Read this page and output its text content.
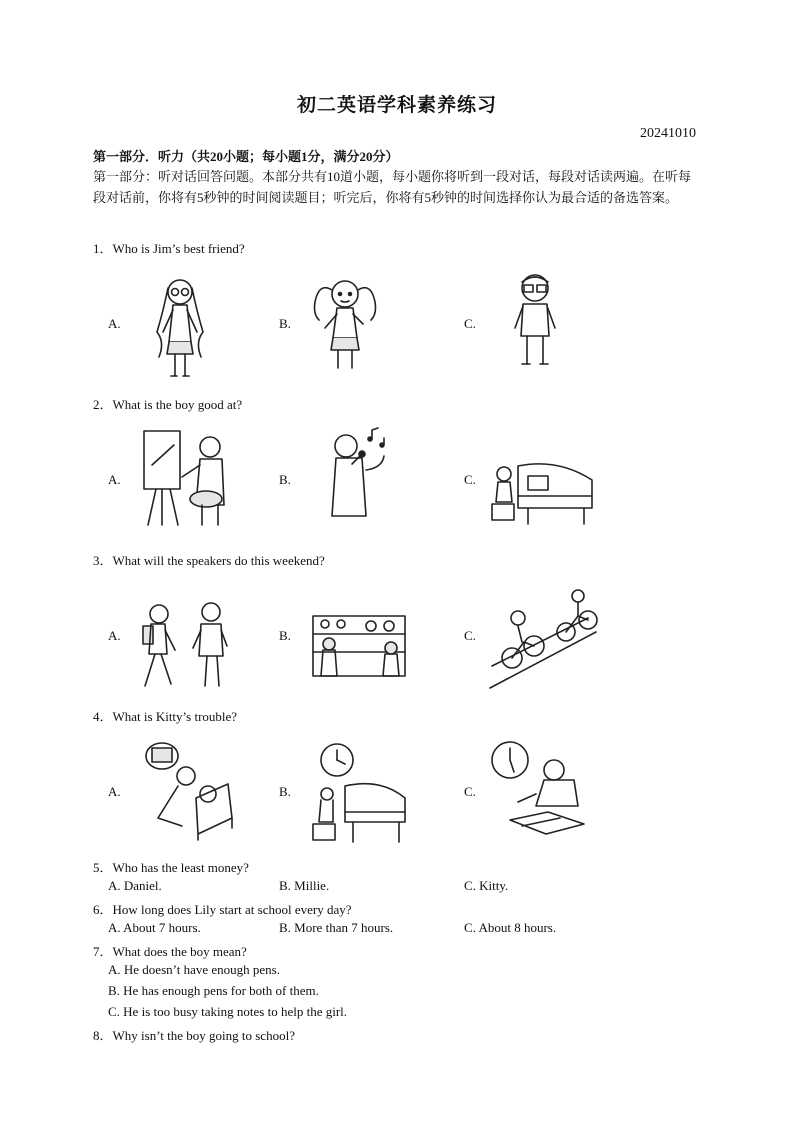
初二英语学科素养练习
20241010
第一部分．听力（共20小题；每小题1分，满分20分）
第一部分：听对话回答问题。本部分共有10道小题，每小题你将听到一段对话，每段对话读两遍。在听每段对话前，你将有5秒钟的时间阅读题目；听完后，你将有5秒钟的时间选择你认为最合适的备选答案。
1．Who is Jim’s best friend?
A.	B.	C.
2．What is the boy good at?
A.	B.	C.
3．What will the speakers do this weekend?
A.	B.	C.
4．What is Kitty’s trouble?
A.	B.	C.
5．Who has the least money?
A. Daniel.	B. Millie.	C. Kitty.
6．How long does Lily start at school every day?
A. About 7 hours.	B. More than 7 hours.	C. About 8 hours.
7．What does the boy mean?
A. He doesn’t have enough pens.
B. He has enough pens for both of them.
C. He is too busy taking notes to help the girl.
8．Why isn’t the boy going to school?
